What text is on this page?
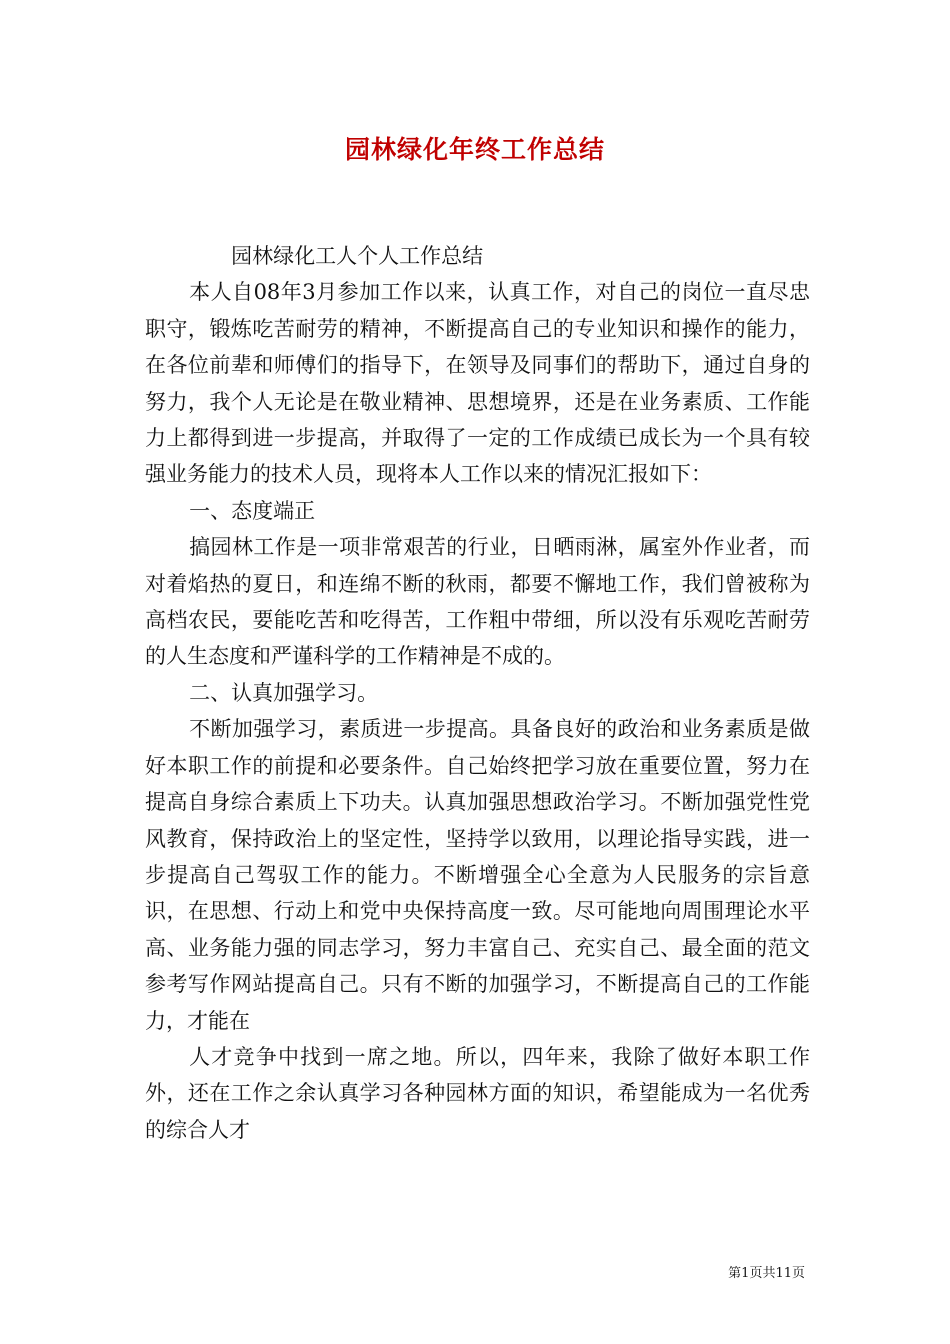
园林绿化年终工作总结

园林绿化工人个人工作总结

本人自08年3月参加工作以来，认真工作，对自己的岗位一直尽忠职守，锻炼吃苦耐劳的精神，不断提高自己的专业知识和操作的能力，在各位前辈和师傅们的指导下，在领导及同事们的帮助下，通过自身的努力，我个人无论是在敬业精神、思想境界，还是在业务素质、工作能力上都得到进一步提高，并取得了一定的工作成绩已成长为一个具有较强业务能力的技术人员，现将本人工作以来的情况汇报如下：

一、态度端正

搞园林工作是一项非常艰苦的行业，日晒雨淋，属室外作业者，而对着焰热的夏日，和连绵不断的秋雨，都要不懈地工作，我们曾被称为高档农民，要能吃苦和吃得苦，工作粗中带细，所以没有乐观吃苦耐劳的人生态度和严谨科学的工作精神是不成的。

二、认真加强学习。

不断加强学习，素质进一步提高。具备良好的政治和业务素质是做好本职工作的前提和必要条件。自己始终把学习放在重要位置，努力在提高自身综合素质上下功夫。认真加强思想政治学习。不断加强党性党风教育，保持政治上的坚定性，坚持学以致用，以理论指导实践，进一步提高自己驾驭工作的能力。不断增强全心全意为人民服务的宗旨意识，在思想、行动上和党中央保持高度一致。尽可能地向周围理论水平高、业务能力强的同志学习，努力丰富自己、充实自己、最全面的范文参考写作网站提高自己。只有不断的加强学习，不断提高自己的工作能力，才能在

人才竞争中找到一席之地。所以，四年来，我除了做好本职工作外，还在工作之余认真学习各种园林方面的知识，希望能成为一名优秀的综合人才

第1页共11页
